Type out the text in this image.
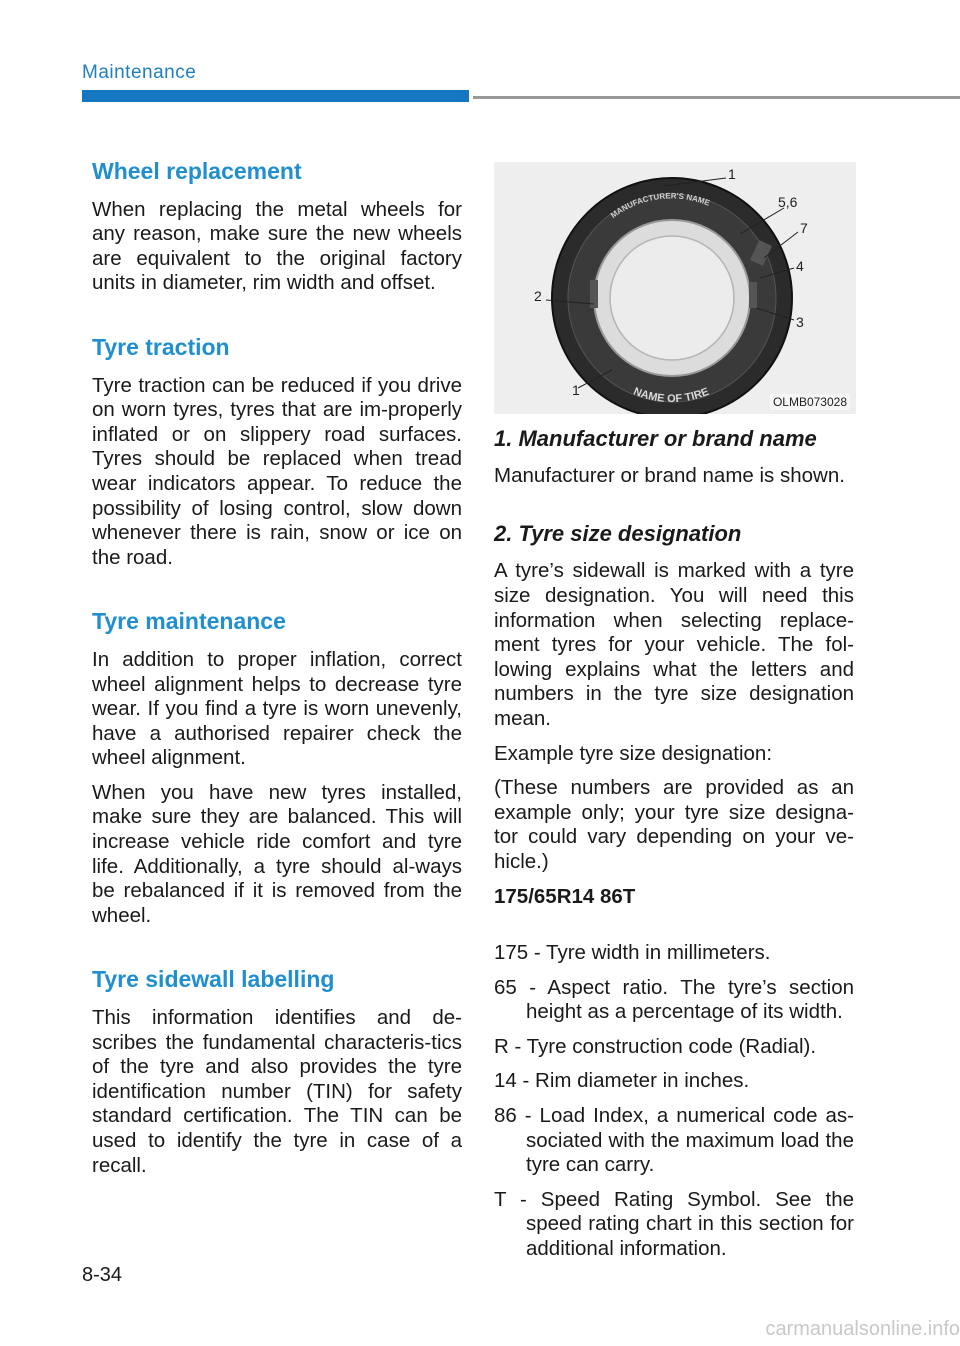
Maintenance
Wheel replacement

When replacing the metal wheels for any reason, make sure the new wheels are equivalent to the original factory units in diameter, rim width and offset.

Tyre traction

Tyre traction can be reduced if you drive on worn tyres, tyres that are im-properly inflated or on slippery road surfaces. Tyres should be replaced when tread wear indicators appear. To reduce the possibility of losing control, slow down whenever there is rain, snow or ice on the road.

Tyre maintenance

In addition to proper inflation, correct wheel alignment helps to decrease tyre wear. If you find a tyre is worn unevenly, have a authorised repairer check the wheel alignment.

When you have new tyres installed, make sure they are balanced. This will increase vehicle ride comfort and tyre life. Additionally, a tyre should al-ways be rebalanced if it is removed from the wheel.

Tyre sidewall labelling

This information identifies and de-scribes the fundamental characteris-tics of the tyre and also provides the tyre identification number (TIN) for safety standard certification. The TIN can be used to identify the tyre in case of a recall.

MANUFACTURER'S NAME
NAME OF TIRE
1
5,6
7
4
2
3
1
OLMB073028
1. Manufacturer or brand name

Manufacturer or brand name is shown.

2. Tyre size designation

A tyre’s sidewall is marked with a tyre size designation. You will need this information when selecting replace-ment tyres for your vehicle. The fol-lowing explains what the letters and numbers in the tyre size designation mean.

Example tyre size designation:

(These numbers are provided as an example only; your tyre size designa-tor could vary depending on your ve-hicle.)

175/65R14 86T

175 - Tyre width in millimeters.
65 - Aspect ratio. The tyre’s section height as a percentage of its width.
R - Tyre construction code (Radial).
14 - Rim diameter in inches.
86 - Load Index, a numerical code as-sociated with the maximum load the tyre can carry.
T - Speed Rating Symbol. See the speed rating chart in this section for additional information.
8-34
carmanualsonline.info
